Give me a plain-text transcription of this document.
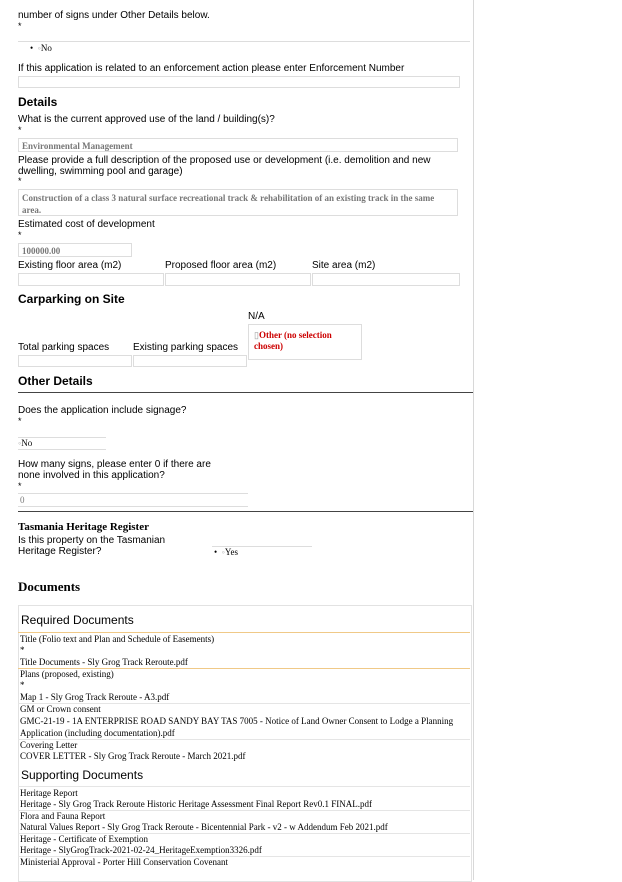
number of signs under Other Details below.
*
•  ◦No
If this application is related to an enforcement action please enter Enforcement Number
Details
What is the current approved use of the land / building(s)?
*
Environmental Management
Please provide a full description of the proposed use or development (i.e. demolition and new dwelling, swimming pool and garage)
*
Construction of a class 3 natural surface recreational track & rehabilitation of an existing track in the same area.
Estimated cost of development
*
100000.00
Existing floor area (m2)	Proposed floor area (m2)	Site area (m2)
Carparking on Site
N/A
▯Other (no selection chosen)
Total parking spaces Existing parking spaces
Other Details
Does the application include signage?
*
◦No
How many signs, please enter 0 if there are none involved in this application?
*
0
Tasmania Heritage Register
Is this property on the Tasmanian Heritage Register?	•  ◦Yes
Documents
Required Documents
Title (Folio text and Plan and Schedule of Easements)
*
Title Documents - Sly Grog Track Reroute.pdf
Plans (proposed, existing)
*
Map 1 - Sly Grog Track Reroute - A3.pdf
GM or Crown consent
GMC-21-19 - 1A ENTERPRISE ROAD SANDY BAY TAS 7005 - Notice of Land Owner Consent to Lodge a Planning Application (including documentation).pdf
Covering Letter
COVER LETTER - Sly Grog Track Reroute - March 2021.pdf
Supporting Documents
Heritage Report
Heritage - Sly Grog Track Reroute Historic Heritage Assessment Final Report Rev0.1 FINAL.pdf
Flora and Fauna Report
Natural Values Report - Sly Grog Track Reroute - Bicentennial Park - v2 - w Addendum Feb 2021.pdf
Heritage - Certificate of Exemption
Heritage - SlyGrogTrack-2021-02-24_HeritageExemption3326.pdf
Ministerial Approval - Porter Hill Conservation Covenant
